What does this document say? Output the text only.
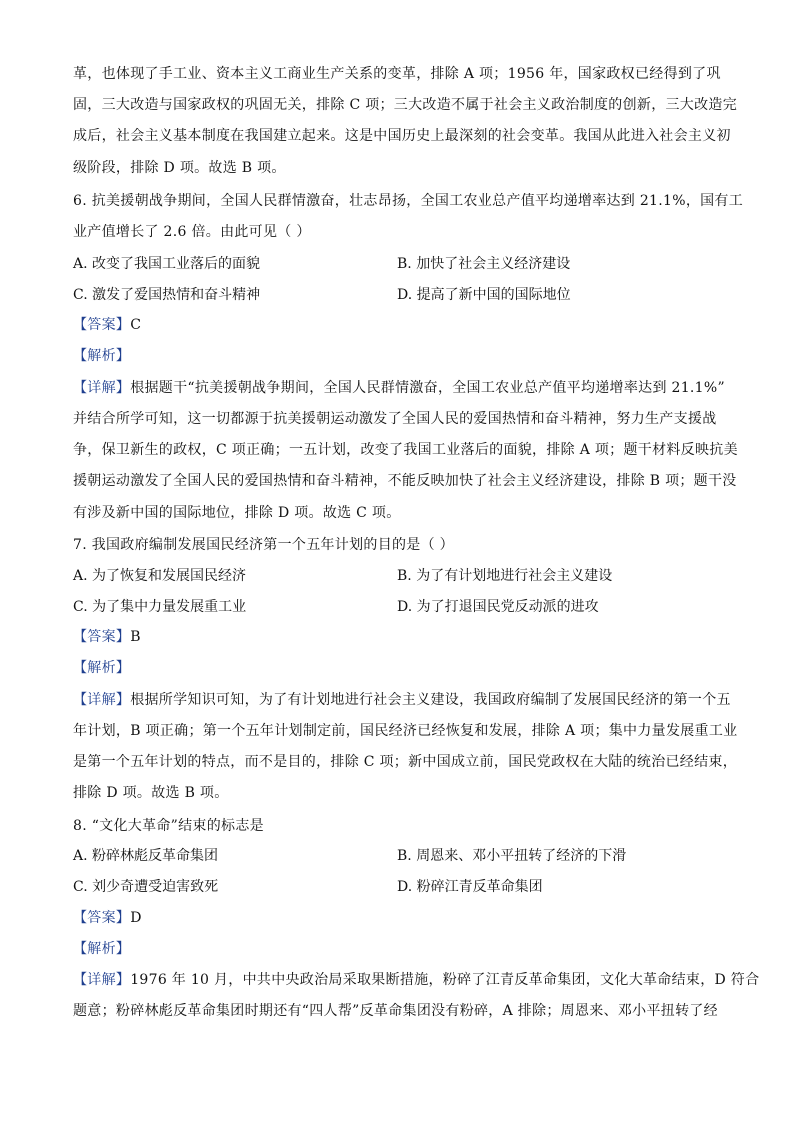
革，也体现了手工业、资本主义工商业生产关系的变革，排除 A 项；1956 年，国家政权已经得到了巩
固，三大改造与国家政权的巩固无关，排除 C 项；三大改造不属于社会主义政治制度的创新，三大改造完
成后，社会主义基本制度在我国建立起来。这是中国历史上最深刻的社会变革。我国从此进入社会主义初
级阶段，排除 D 项。故选 B 项。
6. 抗美援朝战争期间，全国人民群情激奋，壮志昂扬，全国工农业总产值平均递增率达到 21.1%，国有工
业产值增长了 2.6 倍。由此可见（ ）
A. 改变了我国工业落后的面貌	B. 加快了社会主义经济建设
C. 激发了爱国热情和奋斗精神	D. 提高了新中国的国际地位
【答案】C
【解析】
【详解】根据题干“抗美援朝战争期间，全国人民群情激奋，全国工农业总产值平均递增率达到 21.1%”
并结合所学可知，这一切都源于抗美援朝运动激发了全国人民的爱国热情和奋斗精神，努力生产支援战
争，保卫新生的政权，C 项正确；一五计划，改变了我国工业落后的面貌，排除 A 项；题干材料反映抗美
援朝运动激发了全国人民的爱国热情和奋斗精神，不能反映加快了社会主义经济建设，排除 B 项；题干没
有涉及新中国的国际地位，排除 D 项。故选 C 项。
7. 我国政府编制发展国民经济第一个五年计划的目的是（ ）
A. 为了恢复和发展国民经济	B. 为了有计划地进行社会主义建设
C. 为了集中力量发展重工业	D. 为了打退国民党反动派的进攻
【答案】B
【解析】
【详解】根据所学知识可知，为了有计划地进行社会主义建设，我国政府编制了发展国民经济的第一个五
年计划，B 项正确；第一个五年计划制定前，国民经济已经恢复和发展，排除 A 项；集中力量发展重工业
是第一个五年计划的特点，而不是目的，排除 C 项；新中国成立前，国民党政权在大陆的统治已经结束，
排除 D 项。故选 B 项。
8. “文化大革命”结束的标志是
A. 粉碎林彪反革命集团	B. 周恩来、邓小平扭转了经济的下滑
C. 刘少奇遭受迫害致死	D. 粉碎江青反革命集团
【答案】D
【解析】
【详解】1976 年 10 月，中共中央政治局采取果断措施，粉碎了江青反革命集团，文化大革命结束，D 符合
题意；粉碎林彪反革命集团时期还有“四人帮”反革命集团没有粉碎，A 排除；周恩来、邓小平扭转了经
